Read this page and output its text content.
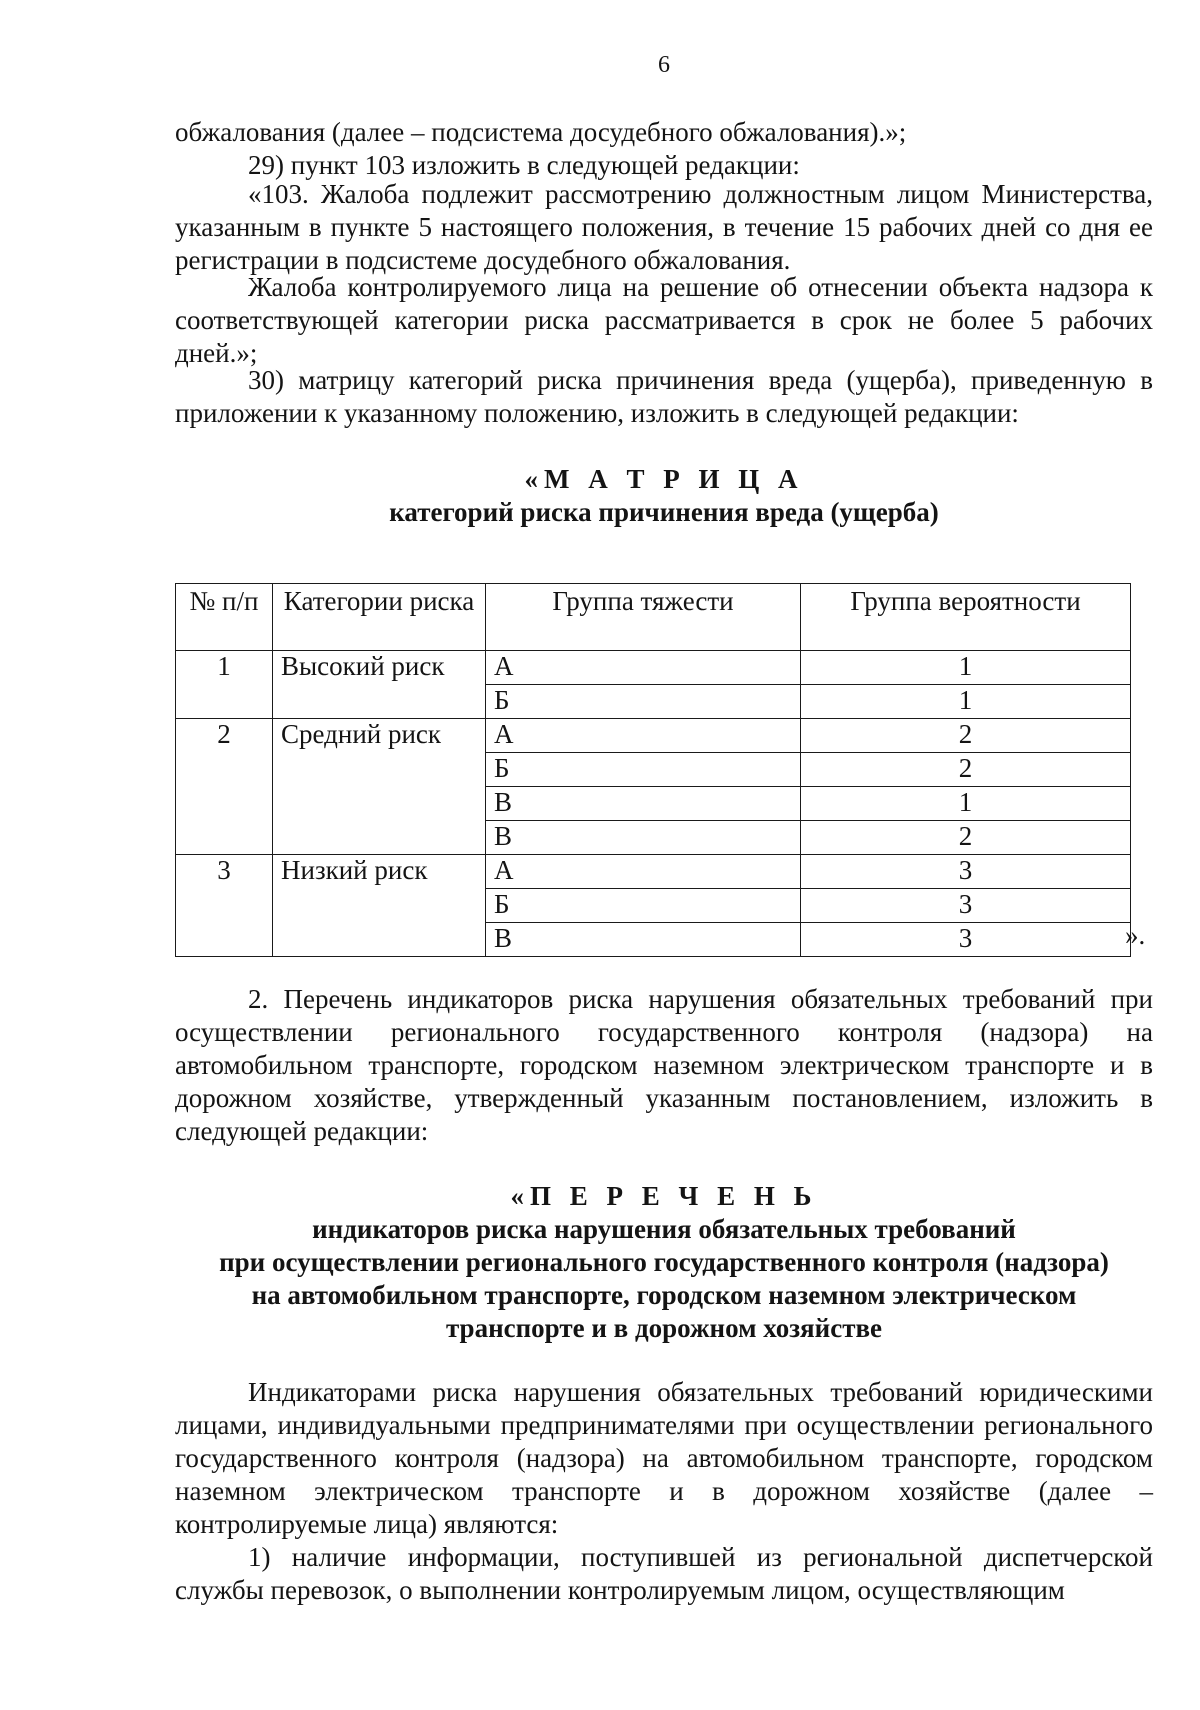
6

обжалования (далее – подсистема досудебного обжалования).»;

29) пункт 103 изложить в следующей редакции:

«103. Жалоба подлежит рассмотрению должностным лицом Министерства, указанным в пункте 5 настоящего положения, в течение 15 рабочих дней со дня ее регистрации в подсистеме досудебного обжалования.

Жалоба контролируемого лица на решение об отнесении объекта надзора к соответствующей категории риска рассматривается в срок не более 5 рабочих дней.»;

30) матрицу категорий риска причинения вреда (ущерба), приведенную в приложении к указанному положению, изложить в следующей редакции:

«М А Т Р И Ц А

категорий риска причинения вреда (ущерба)

№ п/п	Категории риска	Группа тяжести	Группа вероятности
1	Высокий риск	А	1
		Б	1
2	Средний риск	А	2
		Б	2
		В	1
		В	2
3	Низкий риск	А	3
		Б	3
		В	3	».

2. Перечень индикаторов риска нарушения обязательных требований при осуществлении регионального государственного контроля (надзора) на автомобильном транспорте, городском наземном электрическом транспорте и в дорожном хозяйстве, утвержденный указанным постановлением, изложить в следующей редакции:

«П Е Р Е Ч Е Н Ь

индикаторов риска нарушения обязательных требований

при осуществлении регионального государственного контроля (надзора)

на автомобильном транспорте, городском наземном электрическом

транспорте и в дорожном хозяйстве

Индикаторами риска нарушения обязательных требований юридическими лицами, индивидуальными предпринимателями при осуществлении регионального государственного контроля (надзора) на автомобильном транспорте, городском наземном электрическом транспорте и в дорожном хозяйстве (далее – контролируемые лица) являются:

1) наличие информации, поступившей из региональной диспетчерской службы перевозок, о выполнении контролируемым лицом, осуществляющим
